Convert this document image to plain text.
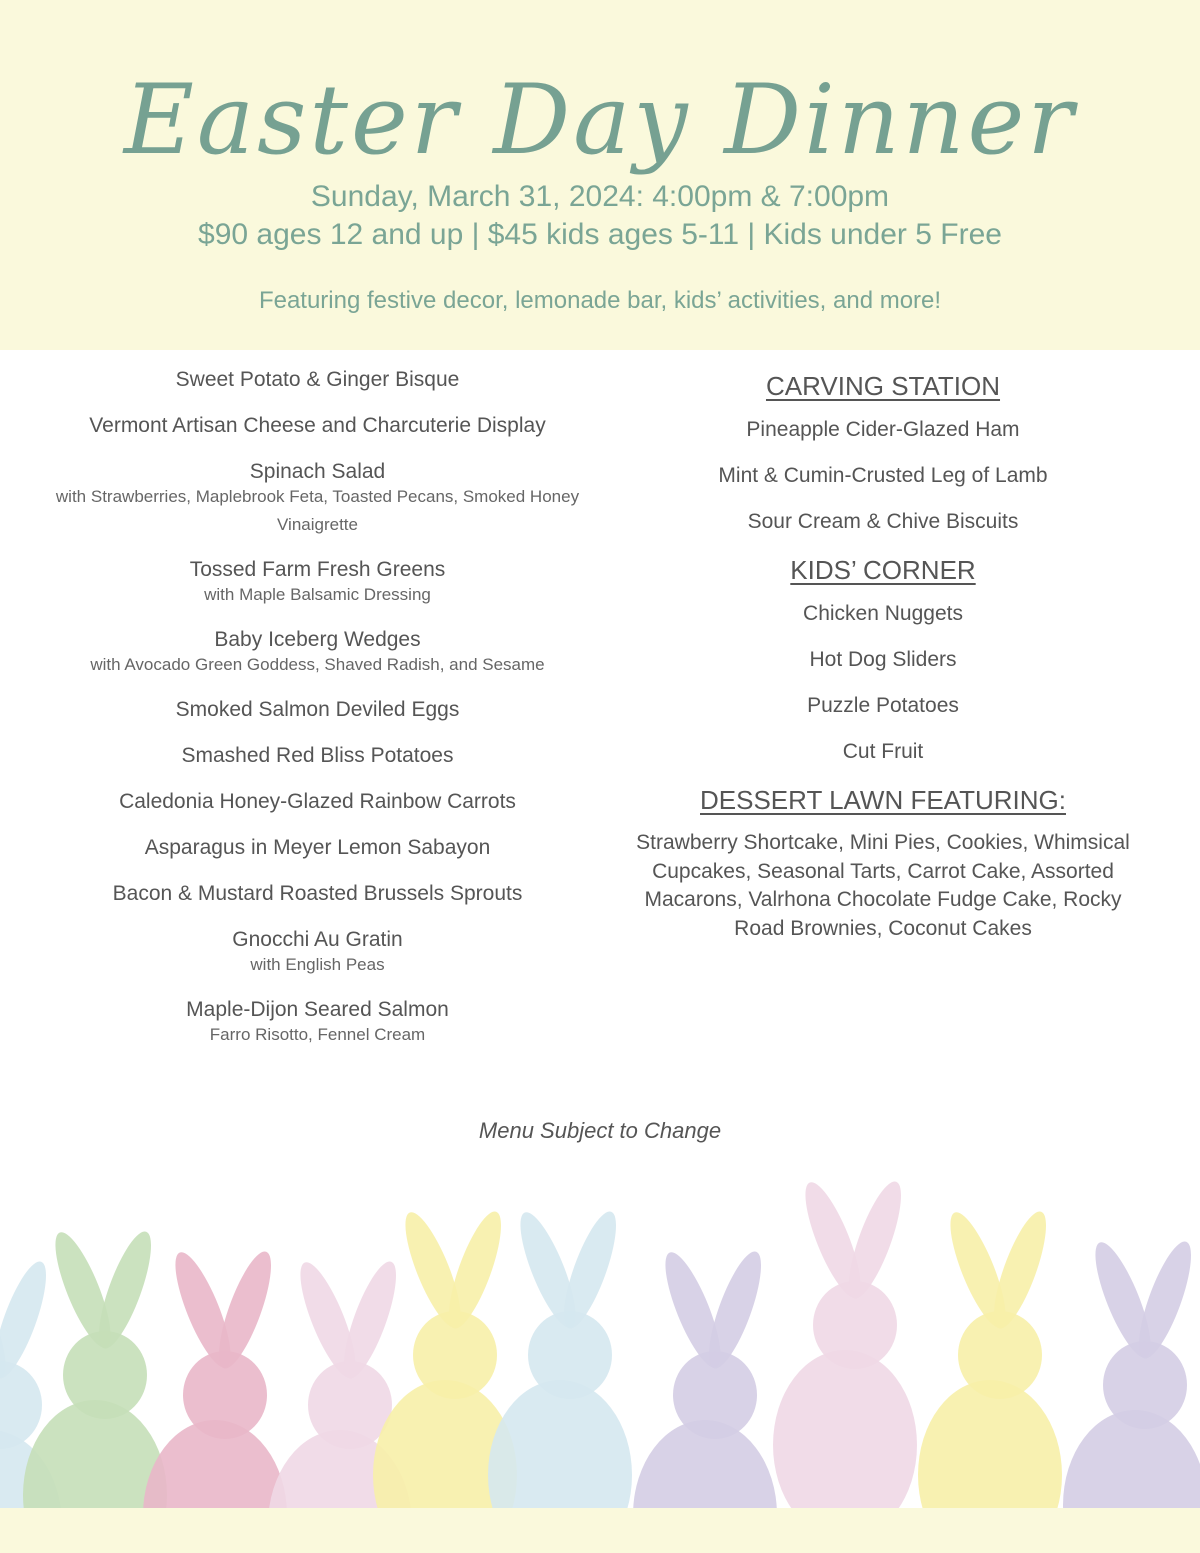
Easter Day Dinner
Sunday, March 31, 2024: 4:00pm & 7:00pm
$90 ages 12 and up | $45 kids ages 5-11 | Kids under 5 Free
Featuring festive decor, lemonade bar, kids’ activities, and more!
Sweet Potato & Ginger Bisque
Vermont Artisan Cheese and Charcuterie Display
Spinach Salad
with Strawberries, Maplebrook Feta, Toasted Pecans, Smoked Honey Vinaigrette
Tossed Farm Fresh Greens
with Maple Balsamic Dressing
Baby Iceberg Wedges
with Avocado Green Goddess, Shaved Radish, and Sesame
Smoked Salmon Deviled Eggs
Smashed Red Bliss Potatoes
Caledonia Honey-Glazed Rainbow Carrots
Asparagus in Meyer Lemon Sabayon
Bacon & Mustard Roasted Brussels Sprouts
Gnocchi Au Gratin
with English Peas
Maple-Dijon Seared Salmon
Farro Risotto, Fennel Cream
CARVING STATION
Pineapple Cider-Glazed Ham
Mint & Cumin-Crusted Leg of Lamb
Sour Cream & Chive Biscuits
KIDS’ CORNER
Chicken Nuggets
Hot Dog Sliders
Puzzle Potatoes
Cut Fruit
DESSERT LAWN FEATURING:
Strawberry Shortcake, Mini Pies, Cookies, Whimsical Cupcakes, Seasonal Tarts, Carrot Cake, Assorted Macarons, Valrhona Chocolate Fudge Cake, Rocky Road Brownies, Coconut Cakes
Menu Subject to Change
